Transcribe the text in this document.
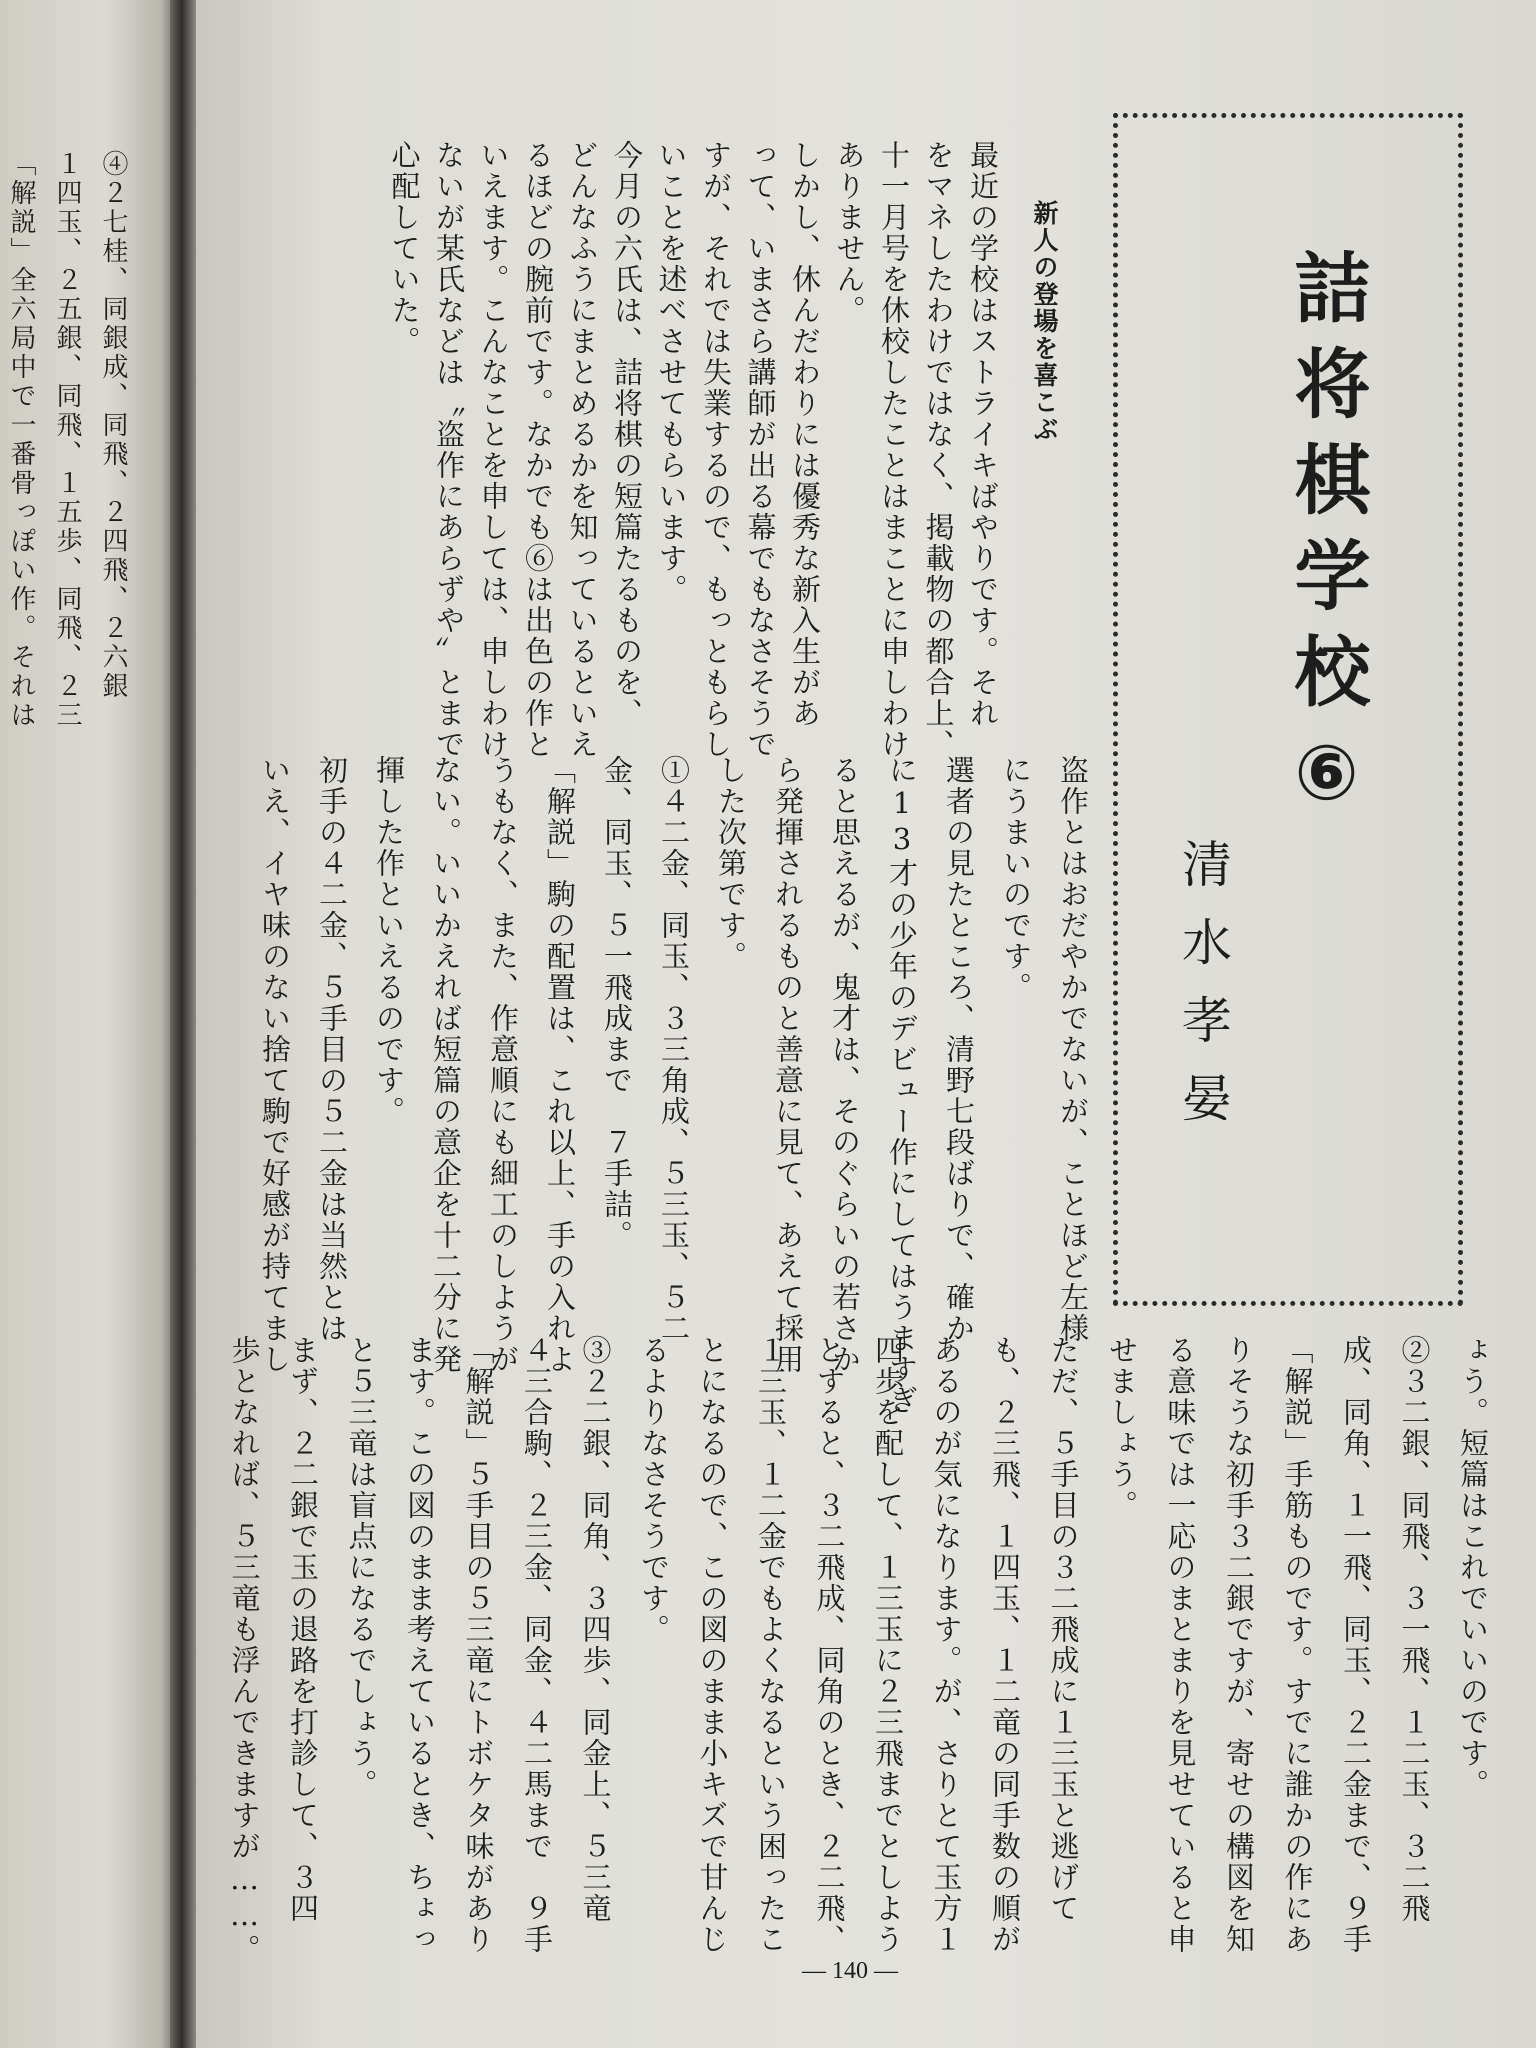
④２七桂、同銀成、同飛、２四飛、２六銀
１四玉、２五銀、同飛、１五歩、同飛、２三
「解説」全六局中で一番骨っぽい作。それは	詰将棋学校⑥
清水孝晏
新人の登場を喜こぶ
最近の学校はストライキばやりです。それ
をマネしたわけではなく、掲載物の都合上、
十一月号を休校したことはまことに申しわけ
ありません。
しかし、休んだわりには優秀な新入生があ
って、いまさら講師が出る幕でもなさそうで
すが、それでは失業するので、もっともらし
いことを述べさせてもらいます。
今月の六氏は、詰将棋の短篇たるものを、
どんなふうにまとめるかを知っているといえ
るほどの腕前です。なかでも⑥は出色の作と
いえます。こんなことを申しては、申しわけ
ないが某氏などは〝盗作にあらずや〟とまで
心配していた。
盗作とはおだやかでないが、ことほど左様
にうまいのです。
選者の見たところ、清野七段ばりで、確か
に13才の少年のデビュー作にしてはうますぎ
ると思えるが、鬼才は、そのぐらいの若さか
ら発揮されるものと善意に見て、あえて採用
した次第です。
①４二金、同玉、３三角成、５三玉、５二
金、同玉、５一飛成まで　７手詰。
「解説」駒の配置は、これ以上、手の入れよ
うもなく、また、作意順にも細工のしようが
ない。いいかえれば短篇の意企を十二分に発
揮した作といえるのです。
初手の４二金、５手目の５二金は当然とは
いえ、イヤ味のない捨て駒で好感が持てまし
ょう。短篇はこれでいいのです。
②３二銀、同飛、３一飛、１二玉、３二飛
成、同角、１一飛、同玉、２二金まで、９手
「解説」手筋ものです。すでに誰かの作にあ
りそうな初手３二銀ですが、寄せの構図を知
る意味では一応のまとまりを見せていると申
せましょう。
ただ、５手目の３二飛成に１三玉と逃げて
も、２三飛、１四玉、１二竜の同手数の順が
あるのが気になります。が、さりとて玉方１
四歩を配して、１三玉に２三飛までとしよう
とすると、３二飛成、同角のとき、２二飛、
１三玉、１二金でもよくなるという困ったこ
とになるので、この図のまま小キズで甘んじ
るよりなさそうです。
③２二銀、同角、３四歩、同金上、５三竜
４三合駒、２三金、同金、４二馬まで　９手
「解説」５手目の５三竜にトボケタ味があり
ます。この図のまま考えているとき、ちょっ
と５三竜は盲点になるでしょう。
まず、２二銀で玉の退路を打診して、３四
歩となれば、５三竜も浮んできますが……。
— 140 —
